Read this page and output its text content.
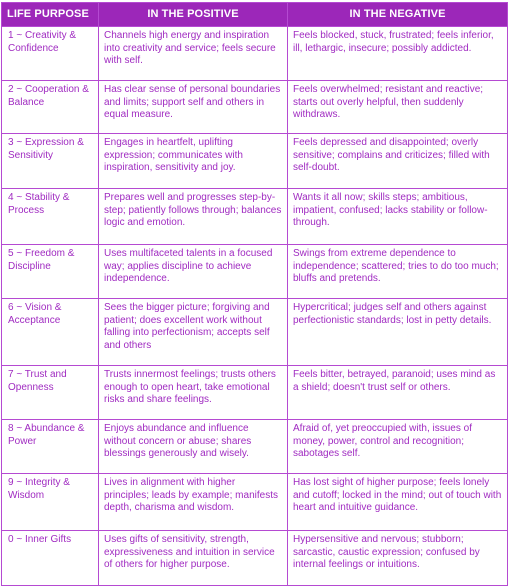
LIFE PURPOSE	IN THE POSITIVE	IN THE NEGATIVE
1 ~ Creativity & Confidence	Channels high energy and inspiration into creativity and service; feels secure with self.	Feels blocked, stuck, frustrated; feels inferior, ill, lethargic, insecure; possibly addicted.
2 ~ Cooperation & Balance	Has clear sense of personal boundaries and limits; support self and others in equal measure.	Feels overwhelmed; resistant and reactive; starts out overly helpful, then suddenly withdraws.
3 ~ Expression & Sensitivity	Engages in heartfelt, uplifting expression; communicates with inspiration, sensitivity and joy.	Feels depressed and disappointed; overly sensitive; complains and criticizes; filled with self-doubt.
4 ~ Stability & Process	Prepares well and progresses step-by-step; patiently follows through; balances logic and emotion.	Wants it all now; skills steps; ambitious, impatient, confused; lacks stability or follow-through.
5 ~ Freedom & Discipline	Uses multifaceted talents in a focused way; applies discipline to achieve independence.	Swings from extreme dependence to independence; scattered; tries to do too much; bluffs and pretends.
6 ~ Vision & Acceptance	Sees the bigger picture; forgiving and patient; does excellent work without falling into perfectionism; accepts self and others	Hypercritical; judges self and others against perfectionistic standards; lost in petty details.
7 ~ Trust and Openness	Trusts innermost feelings; trusts others enough to open heart, take emotional risks and share feelings.	Feels bitter, betrayed, paranoid; uses mind as a shield; doesn't trust self or others.
8 ~ Abundance & Power	Enjoys abundance and influence without concern or abuse; shares blessings generously and wisely.	Afraid of, yet preoccupied with, issues of money, power, control and recognition; sabotages self.
9 ~ Integrity & Wisdom	Lives in alignment with higher principles; leads by example; manifests depth, charisma and wisdom.	Has lost sight of higher purpose; feels lonely and cutoff; locked in the mind; out of touch with heart and intuitive guidance.
0 ~ Inner Gifts	Uses gifts of sensitivity, strength, expressiveness and intuition in service of others for higher purpose.	Hypersensitive and nervous; stubborn; sarcastic, caustic expression; confused by internal feelings or intuitions.
